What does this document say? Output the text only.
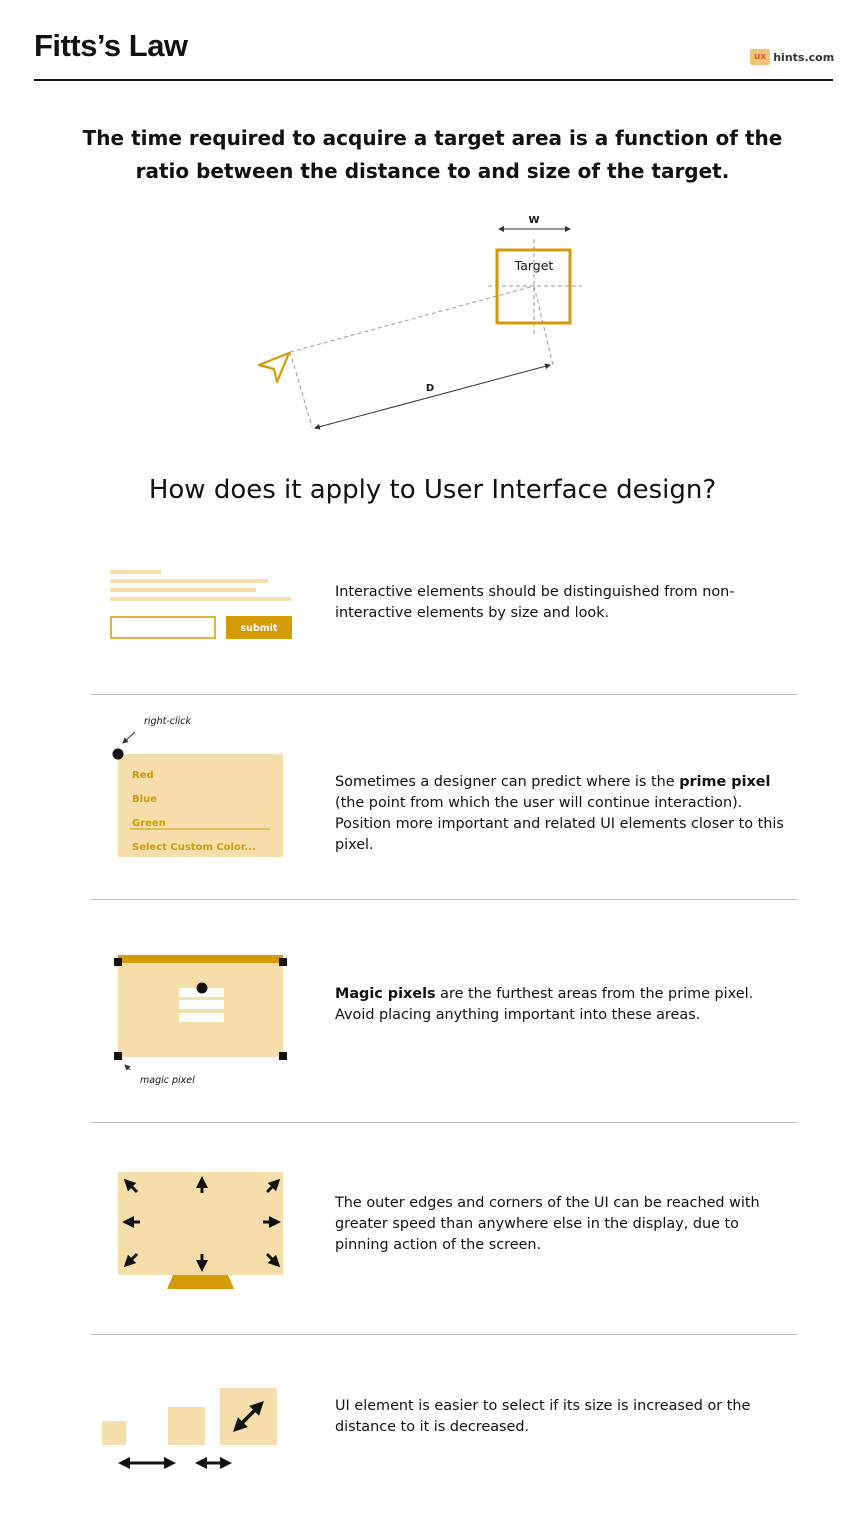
Fitts’s Law	ux hints.com
The time required to acquire a target area is a function of the ratio between the distance to and size of the target.
W
Target
D
How does it apply to User Interface design?
submit
Interactive elements should be distinguished from non-interactive elements by size and look.
right-click
Red
Blue
Green
Select Custom Color...
Sometimes a designer can predict where is the prime pixel (the point from which the user will continue interaction). Position more important and related UI elements closer to this pixel.
magic pixel
Magic pixels are the furthest areas from the prime pixel. Avoid placing anything important into these areas.
The outer edges and corners of the UI can be reached with greater speed than anywhere else in the display, due to pinning action of the screen.
UI element is easier to select if its size is increased or the distance to it is decreased.
